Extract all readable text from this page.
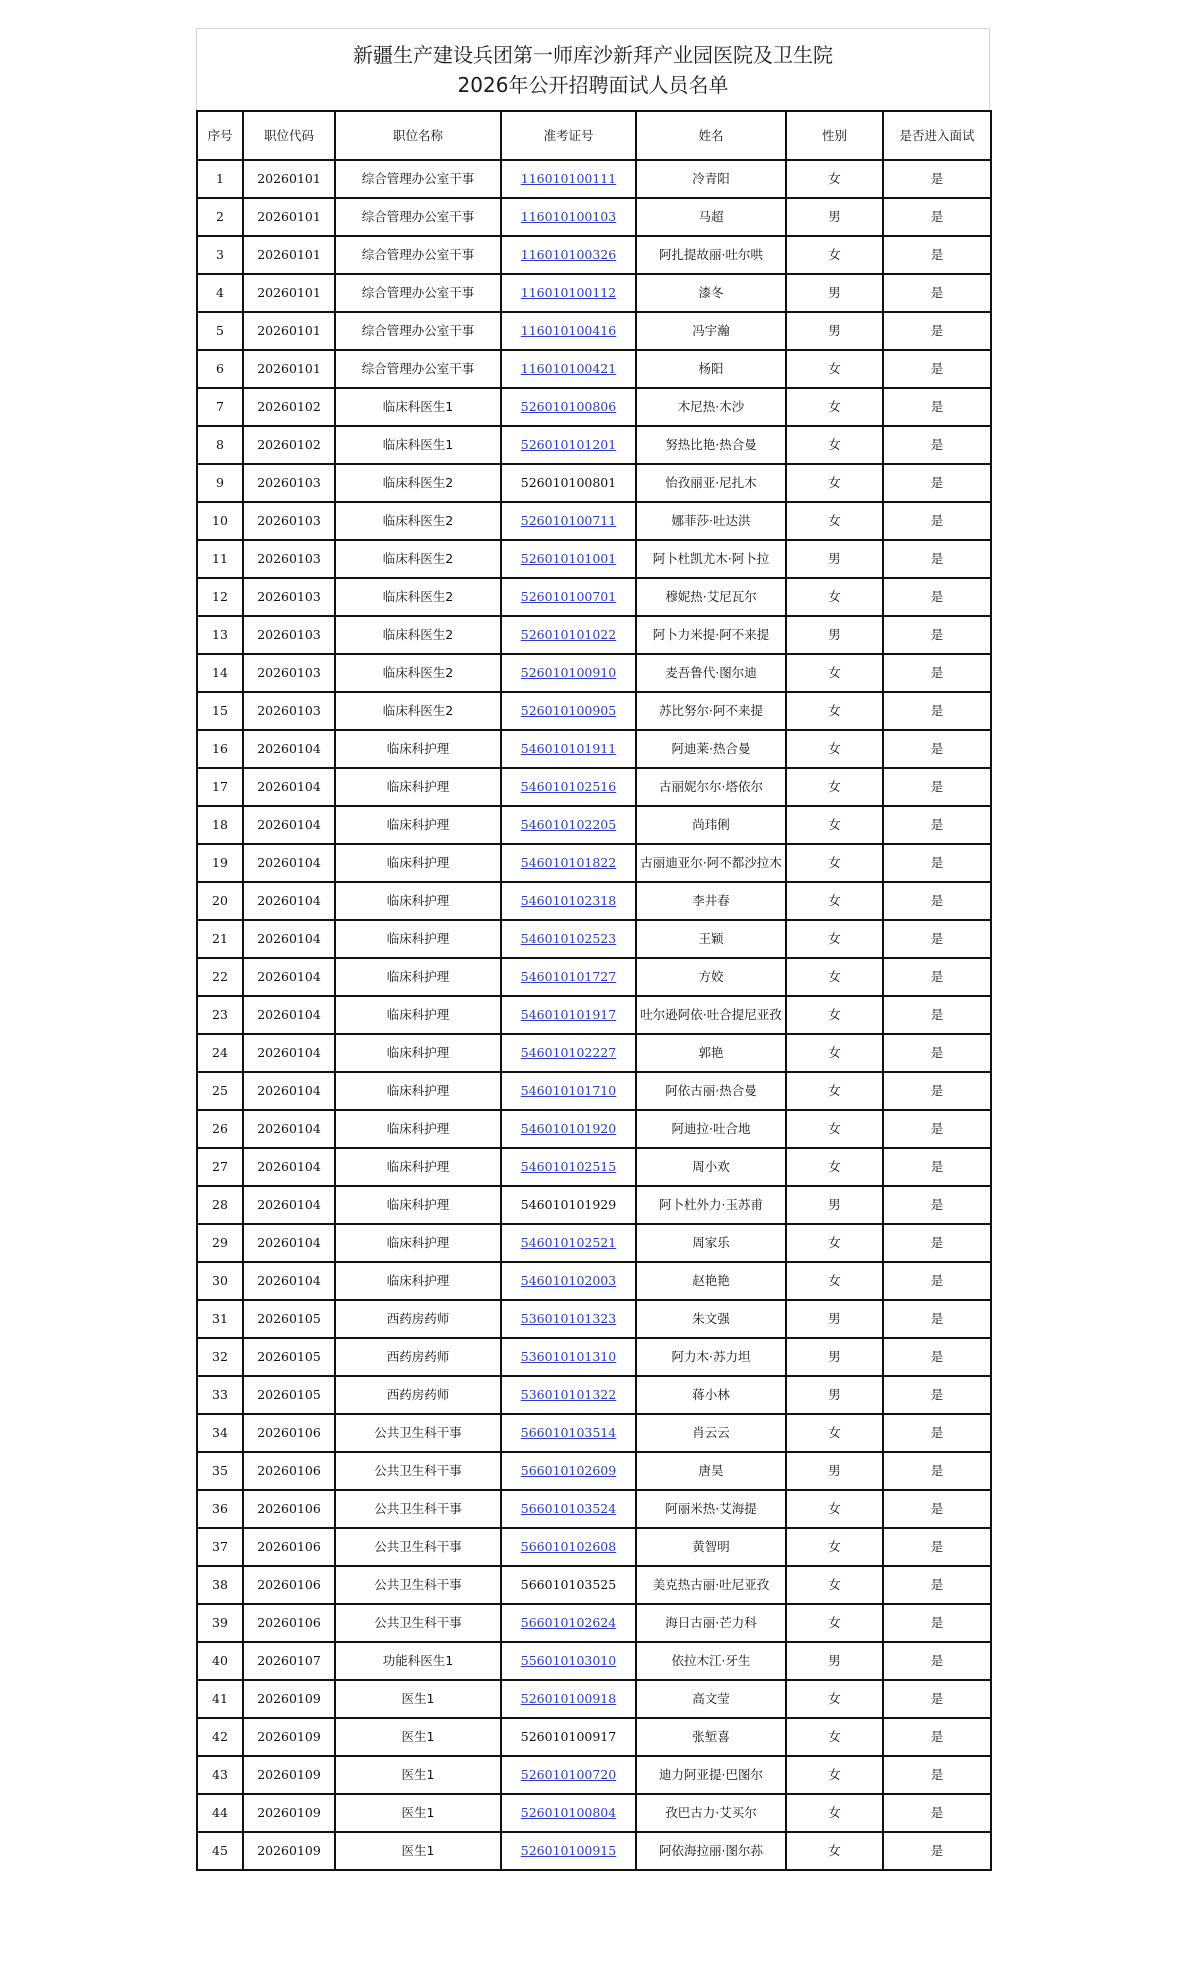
新疆生产建设兵团第一师库沙新拜产业园医院及卫生院
2026年公开招聘面试人员名单
序号	职位代码	职位名称	准考证号	姓名	性别	是否进入面试
1	20260101	综合管理办公室干事	116010100111	冷青阳	女	是
2	20260101	综合管理办公室干事	116010100103	马超	男	是
3	20260101	综合管理办公室干事	116010100326	阿扎提故丽·吐尔哄	女	是
4	20260101	综合管理办公室干事	116010100112	漆冬	男	是
5	20260101	综合管理办公室干事	116010100416	冯宇瀚	男	是
6	20260101	综合管理办公室干事	116010100421	杨阳	女	是
7	20260102	临床科医生1	526010100806	木尼热·木沙	女	是
8	20260102	临床科医生1	526010101201	努热比艳·热合曼	女	是
9	20260103	临床科医生2	526010100801	怡孜丽亚·尼扎木	女	是
10	20260103	临床科医生2	526010100711	娜菲莎·吐达洪	女	是
11	20260103	临床科医生2	526010101001	阿卜杜凯尤木·阿卜拉	男	是
12	20260103	临床科医生2	526010100701	穆妮热·艾尼瓦尔	女	是
13	20260103	临床科医生2	526010101022	阿卜力米提·阿不来提	男	是
14	20260103	临床科医生2	526010100910	麦吾鲁代·图尔迪	女	是
15	20260103	临床科医生2	526010100905	苏比努尔·阿不来提	女	是
16	20260104	临床科护理	546010101911	阿迪莱·热合曼	女	是
17	20260104	临床科护理	546010102516	古丽妮尔尔·塔依尔	女	是
18	20260104	临床科护理	546010102205	尚玮俐	女	是
19	20260104	临床科护理	546010101822	古丽迪亚尔·阿不都沙拉木	女	是
20	20260104	临床科护理	546010102318	李井春	女	是
21	20260104	临床科护理	546010102523	王颖	女	是
22	20260104	临床科护理	546010101727	方姣	女	是
23	20260104	临床科护理	546010101917	吐尔逊阿依·吐合提尼亚孜	女	是
24	20260104	临床科护理	546010102227	郭艳	女	是
25	20260104	临床科护理	546010101710	阿依古丽·热合曼	女	是
26	20260104	临床科护理	546010101920	阿迪拉·吐合地	女	是
27	20260104	临床科护理	546010102515	周小欢	女	是
28	20260104	临床科护理	546010101929	阿卜杜外力·玉苏甫	男	是
29	20260104	临床科护理	546010102521	周家乐	女	是
30	20260104	临床科护理	546010102003	赵艳艳	女	是
31	20260105	西药房药师	536010101323	朱文强	男	是
32	20260105	西药房药师	536010101310	阿力木·苏力坦	男	是
33	20260105	西药房药师	536010101322	蒋小林	男	是
34	20260106	公共卫生科干事	566010103514	肖云云	女	是
35	20260106	公共卫生科干事	566010102609	唐昊	男	是
36	20260106	公共卫生科干事	566010103524	阿丽米热·艾海提	女	是
37	20260106	公共卫生科干事	566010102608	黄智明	女	是
38	20260106	公共卫生科干事	566010103525	美克热古丽·吐尼亚孜	女	是
39	20260106	公共卫生科干事	566010102624	海日古丽·芒力科	女	是
40	20260107	功能科医生1	556010103010	依拉木江·牙生	男	是
41	20260109	医生1	526010100918	高文莹	女	是
42	20260109	医生1	526010100917	张堑喜	女	是
43	20260109	医生1	526010100720	迪力阿亚提·巴图尔	女	是
44	20260109	医生1	526010100804	孜巴古力·艾买尔	女	是
45	20260109	医生1	526010100915	阿依海拉丽·图尔荪	女	是
